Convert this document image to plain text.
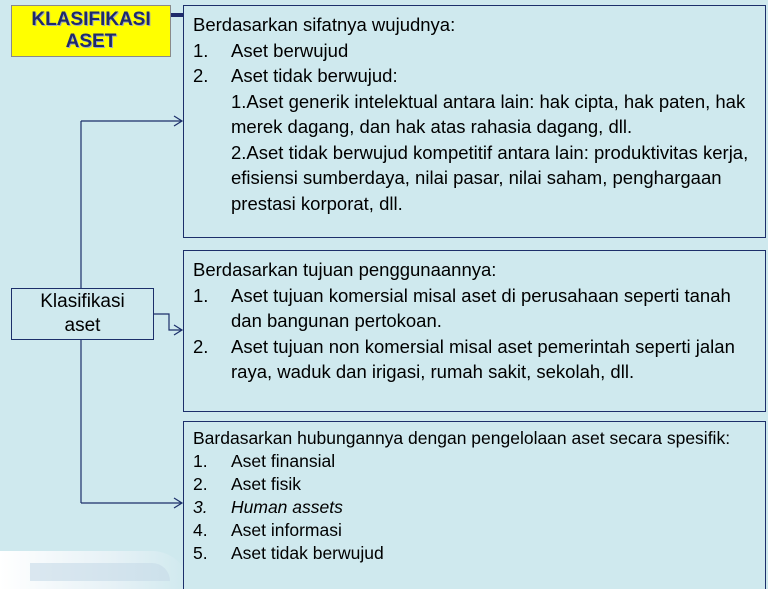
KLASIFIKASI
ASET
Klasifikasi
aset

Berdasarkan sifatnya wujudnya:

1.	Aset berwujud
2.	Aset tidak berwujud:
1.Aset generik intelektual antara lain: hak cipta, hak paten, hak merek dagang, dan hak atas rahasia dagang, dll.
2.Aset tidak berwujud kompetitif antara lain: produktivitas kerja, efisiensi sumberdaya, nilai pasar, nilai saham, penghargaan prestasi korporat, dll.

Berdasarkan tujuan penggunaannya:

1.	Aset tujuan komersial misal aset di perusahaan seperti tanah dan bangunan pertokoan.
2.	Aset tujuan non komersial misal aset pemerintah seperti jalan raya, waduk dan irigasi, rumah sakit, sekolah, dll.

Bardasarkan hubungannya dengan pengelolaan aset secara spesifik:

1.	Aset finansial
2.	Aset fisik
3.	Human assets
4.	Aset informasi
5.	Aset tidak berwujud
